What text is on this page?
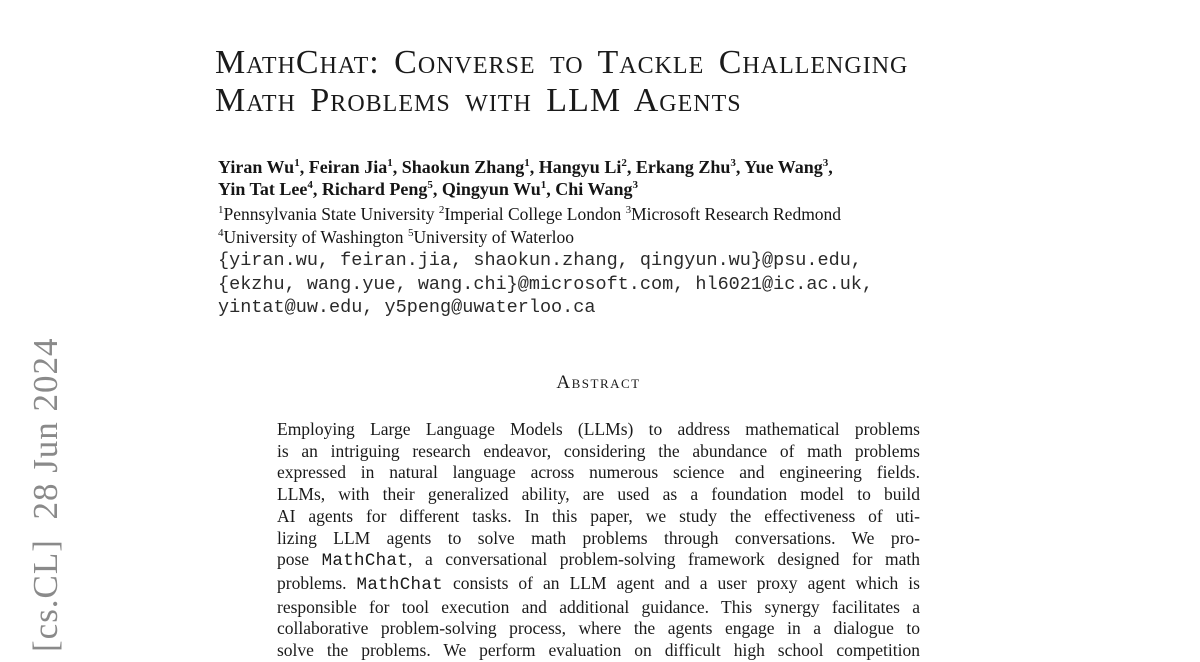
[cs.CL]  28 Jun 2024
MathChat: Converse to Tackle Challenging
Math Problems with LLM Agents
Yiran Wu$^1$, Feiran Jia$^1$, Shaokun Zhang$^1$, Hangyu Li$^2$, Erkang Zhu$^3$, Yue Wang$^3$,
Yin Tat Lee$^4$, Richard Peng$^5$, Qingyun Wu$^1$, Chi Wang$^3$
$^1$Pennsylvania State University $^2$Imperial College London $^3$Microsoft Research Redmond
$^4$University of Washington $^5$University of Waterloo
{yiran.wu, feiran.jia, shaokun.zhang, qingyun.wu}@psu.edu,
{ekzhu, wang.yue, wang.chi}@microsoft.com, hl6021@ic.ac.uk,
yintat@uw.edu, y5peng@uwaterloo.ca
Abstract
Employing Large Language Models (LLMs) to address mathematical problems
is an intriguing research endeavor, considering the abundance of math problems
expressed in natural language across numerous science and engineering fields.
LLMs, with their generalized ability, are used as a foundation model to build
AI agents for different tasks. In this paper, we study the effectiveness of uti-
lizing LLM agents to solve math problems through conversations. We pro-
pose MathChat, a conversational problem-solving framework designed for math
problems. MathChat consists of an LLM agent and a user proxy agent which is
responsible for tool execution and additional guidance. This synergy facilitates a
collaborative problem-solving process, where the agents engage in a dialogue to
solve the problems. We perform evaluation on difficult high school competition
